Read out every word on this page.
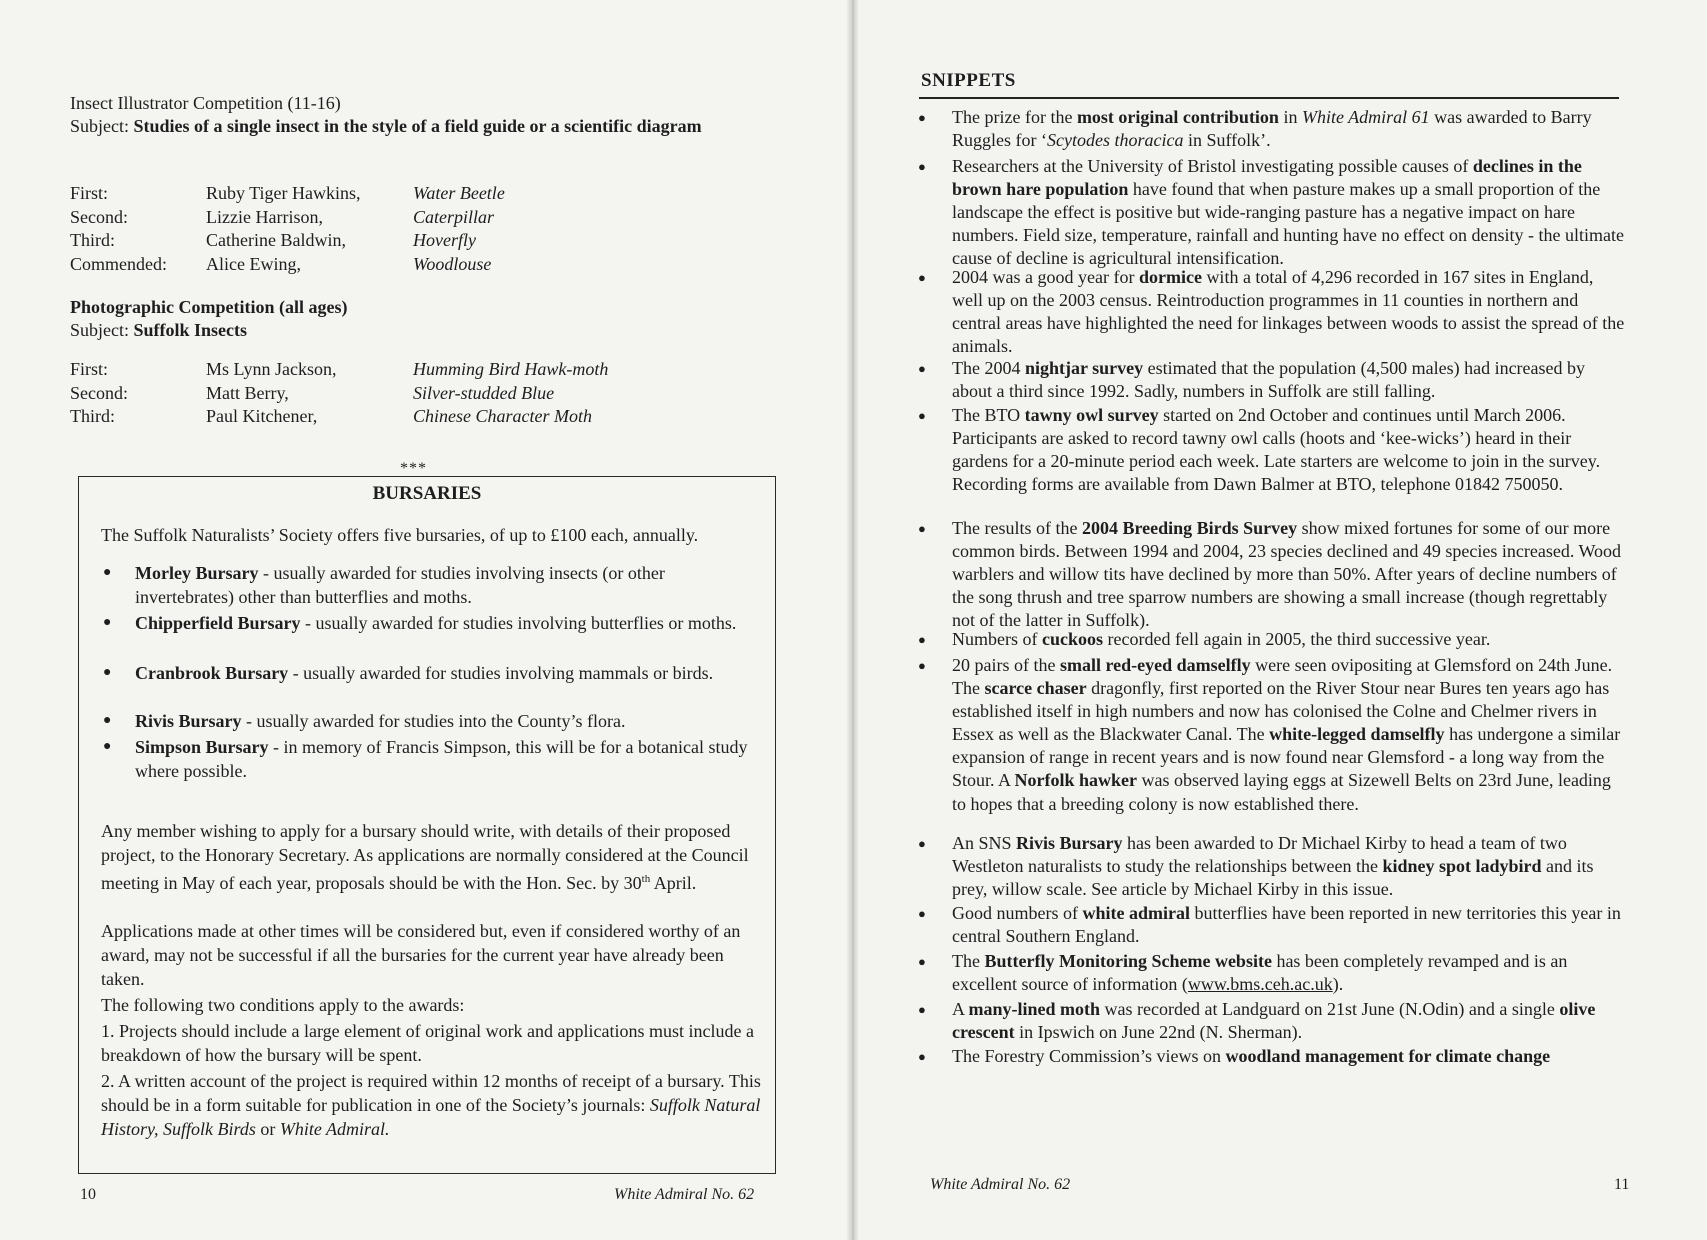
Insect Illustrator Competition (11-16)
Subject: Studies of a single insect in the style of a field guide or a scientific diagram
First:	Ruby Tiger Hawkins,	Water Beetle
Second:	Lizzie Harrison,	Caterpillar
Third:	Catherine Baldwin,	Hoverfly
Commended: Alice Ewing,	Woodlouse
Photographic Competition (all ages)
Subject: Suffolk Insects
First:	Ms Lynn Jackson,	Humming Bird Hawk-moth
Second:	Matt Berry,	Silver-studded Blue
Third:	Paul Kitchener,	Chinese Character Moth
***
BURSARIES
The Suffolk Naturalists’ Society offers five bursaries, of up to £100 each, annually.
● Morley Bursary - usually awarded for studies involving insects (or other invertebrates) other than butterflies and moths.
● Chipperfield Bursary - usually awarded for studies involving butterflies or moths.
● Cranbrook Bursary - usually awarded for studies involving mammals or birds.
● Rivis Bursary - usually awarded for studies into the County’s flora.
● Simpson Bursary - in memory of Francis Simpson, this will be for a botanical study where possible.
Any member wishing to apply for a bursary should write, with details of their proposed project, to the Honorary Secretary. As applications are normally considered at the Council meeting in May of each year, proposals should be with the Hon. Sec. by 30th April.
Applications made at other times will be considered but, even if considered worthy of an award, may not be successful if all the bursaries for the current year have already been taken.
The following two conditions apply to the awards:
1. Projects should include a large element of original work and applications must include a breakdown of how the bursary will be spent.
2. A written account of the project is required within 12 months of receipt of a bursary. This should be in a form suitable for publication in one of the Society’s journals: Suffolk Natural History, Suffolk Birds or White Admiral.
10	White Admiral No. 62
SNIPPETS
● The prize for the most original contribution in White Admiral 61 was awarded to Barry Ruggles for ‘Scytodes thoracica in Suffolk’.
● Researchers at the University of Bristol investigating possible causes of declines in the brown hare population have found that when pasture makes up a small proportion of the landscape the effect is positive but wide-ranging pasture has a negative impact on hare numbers. Field size, temperature, rainfall and hunting have no effect on density - the ultimate cause of decline is agricultural intensification.
● 2004 was a good year for dormice with a total of 4,296 recorded in 167 sites in England, well up on the 2003 census. Reintroduction programmes in 11 counties in northern and central areas have highlighted the need for linkages between woods to assist the spread of the animals.
● The 2004 nightjar survey estimated that the population (4,500 males) had increased by about a third since 1992. Sadly, numbers in Suffolk are still falling.
● The BTO tawny owl survey started on 2nd October and continues until March 2006. Participants are asked to record tawny owl calls (hoots and ‘kee-wicks’) heard in their gardens for a 20-minute period each week. Late starters are welcome to join in the survey. Recording forms are available from Dawn Balmer at BTO, telephone 01842 750050.
● The results of the 2004 Breeding Birds Survey show mixed fortunes for some of our more common birds. Between 1994 and 2004, 23 species declined and 49 species increased. Wood warblers and willow tits have declined by more than 50%. After years of decline numbers of the song thrush and tree sparrow numbers are showing a small increase (though regrettably not of the latter in Suffolk).
● Numbers of cuckoos recorded fell again in 2005, the third successive year.
● 20 pairs of the small red-eyed damselfly were seen ovipositing at Glemsford on 24th June. The scarce chaser dragonfly, first reported on the River Stour near Bures ten years ago has established itself in high numbers and now has colonised the Colne and Chelmer rivers in Essex as well as the Blackwater Canal. The white-legged damselfly has undergone a similar expansion of range in recent years and is now found near Glemsford - a long way from the Stour. A Norfolk hawker was observed laying eggs at Sizewell Belts on 23rd June, leading to hopes that a breeding colony is now established there.
● An SNS Rivis Bursary has been awarded to Dr Michael Kirby to head a team of two Westleton naturalists to study the relationships between the kidney spot ladybird and its prey, willow scale. See article by Michael Kirby in this issue.
● Good numbers of white admiral butterflies have been reported in new territories this year in central Southern England.
● The Butterfly Monitoring Scheme website has been completely revamped and is an excellent source of information (www.bms.ceh.ac.uk).
● A many-lined moth was recorded at Landguard on 21st June (N.Odin) and a single olive crescent in Ipswich on June 22nd (N. Sherman).
● The Forestry Commission’s views on woodland management for climate change
White Admiral No. 62	11
